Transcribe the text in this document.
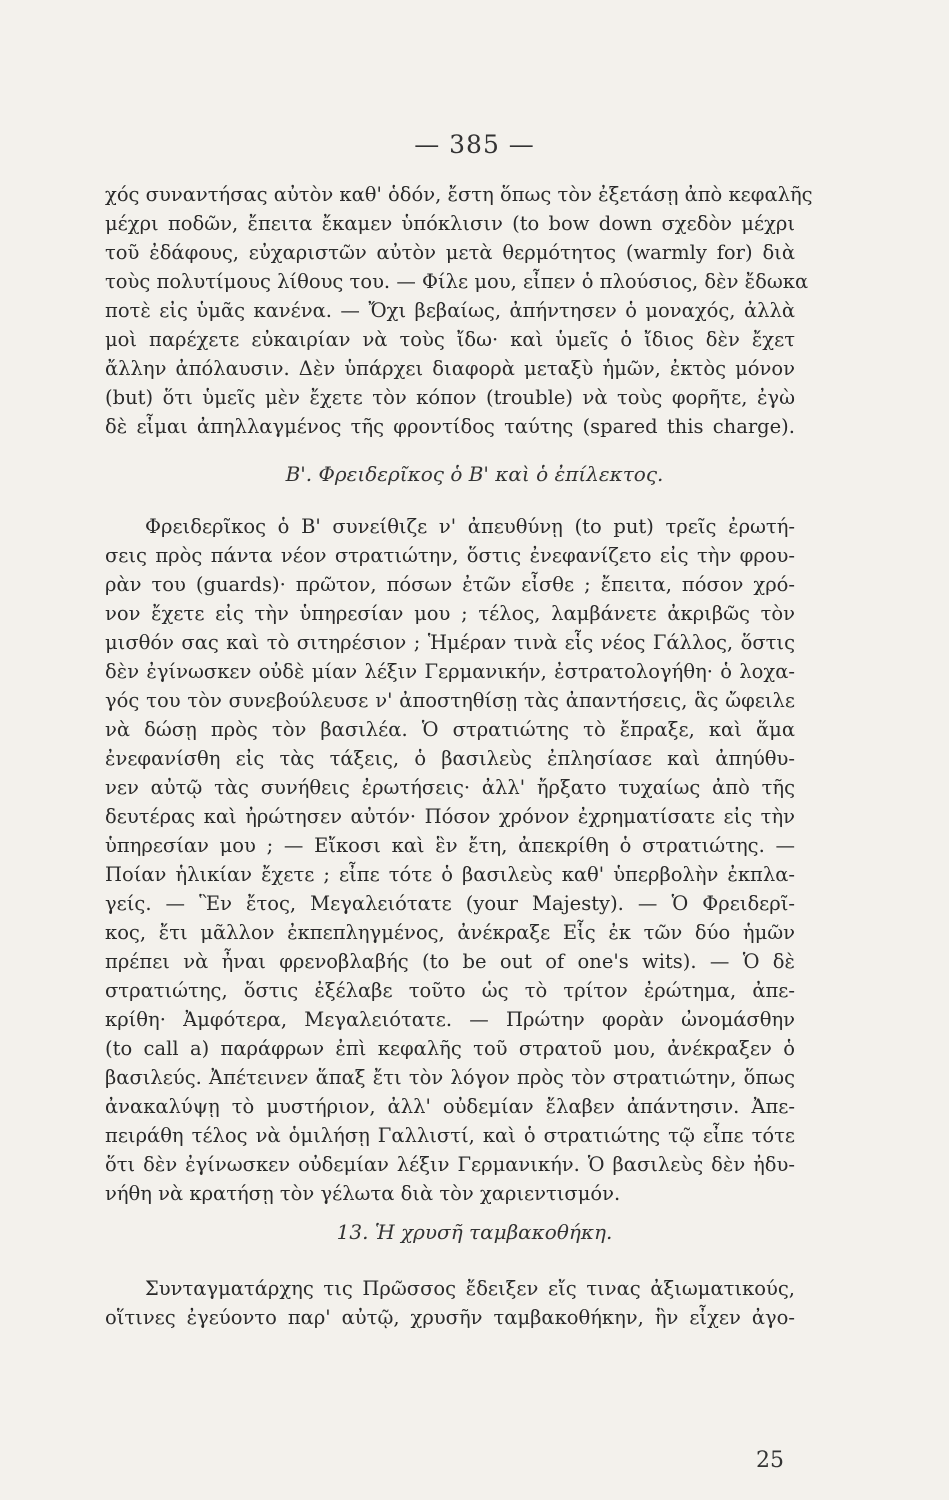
— 385 —
χός συναντήσας αὐτὸν καθ' ὁδόν, ἔστη ὅπως τὸν ἐξετάσῃ ἀπὸ κεφαλῆς
μέχρι ποδῶν, ἔπειτα ἔκαμεν ὑπόκλισιν (to bow down σχεδὸν μέχρι
τοῦ ἐδάφους, εὐχαριστῶν αὐτὸν μετὰ θερμότητος (warmly for) διὰ
τοὺς πολυτίμους λίθους του. — Φίλε μου, εἶπεν ὁ πλούσιος, δὲν ἔδωκα
ποτὲ εἰς ὑμᾶς κανένα. — Ὄχι βεβαίως, ἀπήντησεν ὁ μοναχός, ἀλλὰ
μοὶ παρέχετε εὐκαιρίαν νὰ τοὺς ἴδω· καὶ ὑμεῖς ὁ ἴδιος δὲν ἔχετ
ἄλλην ἀπόλαυσιν. Δὲν ὑπάρχει διαφορὰ μεταξὺ ἡμῶν, ἐκτὸς μόνον
(but) ὅτι ὑμεῖς μὲν ἔχετε τὸν κόπον (trouble) νὰ τοὺς φορῆτε, ἐγὼ
δὲ εἶμαι ἀπηλλαγμένος τῆς φροντίδος ταύτης (spared this charge).
Β'. Φρειδερῖκος ὁ Β' καὶ ὁ ἐπίλεκτος.
Φρειδερῖκος ὁ Β' συνείθιζε ν' ἀπευθύνῃ (to put) τρεῖς ἐρωτή-
σεις πρὸς πάντα νέον στρατιώτην, ὅστις ἐνεφανίζετο εἰς τὴν φρου-
ρὰν του (guards)· πρῶτον, πόσων ἐτῶν εἶσθε ; ἔπειτα, πόσον χρό-
νον ἔχετε εἰς τὴν ὑπηρεσίαν μου ; τέλος, λαμβάνετε ἀκριβῶς τὸν
μισθόν σας καὶ τὸ σιτηρέσιον ; Ἡμέραν τινὰ εἷς νέος Γάλλος, ὅστις
δὲν ἐγίνωσκεν οὐδὲ μίαν λέξιν Γερμανικήν, ἐστρατολογήθη· ὁ λοχα-
γός του τὸν συνεβούλευσε ν' ἀποστηθίσῃ τὰς ἀπαντήσεις, ἃς ὤφειλε
νὰ δώσῃ πρὸς τὸν βασιλέα. Ὁ στρατιώτης τὸ ἔπραξε, καὶ ἅμα
ἐνεφανίσθη εἰς τὰς τάξεις, ὁ βασιλεὺς ἐπλησίασε καὶ ἀπηύθυ-
νεν αὐτῷ τὰς συνήθεις ἐρωτήσεις· ἀλλ' ἤρξατο τυχαίως ἀπὸ τῆς
δευτέρας καὶ ἠρώτησεν αὐτόν· Πόσον χρόνον ἐχρηματίσατε εἰς τὴν
ὑπηρεσίαν μου ; — Εἴκοσι καὶ ἓν ἔτη, ἀπεκρίθη ὁ στρατιώτης. —
Ποίαν ἡλικίαν ἔχετε ; εἶπε τότε ὁ βασιλεὺς καθ' ὑπερβολὴν ἐκπλα-
γείς. — Ἓν ἔτος, Μεγαλειότατε (your Majesty). — Ὁ Φρειδερῖ-
κος, ἔτι μᾶλλον ἐκπεπληγμένος, ἀνέκραξε Εἷς ἐκ τῶν δύο ἡμῶν
πρέπει νὰ ἦναι φρενοβλαβής (to be out of one's wits). — Ὁ δὲ
στρατιώτης, ὅστις ἐξέλαβε τοῦτο ὡς τὸ τρίτον ἐρώτημα, ἀπε-
κρίθη· Ἀμφότερα, Μεγαλειότατε. — Πρώτην φορὰν ὠνομάσθην
(to call a) παράφρων ἐπὶ κεφαλῆς τοῦ στρατοῦ μου, ἀνέκραξεν ὁ
βασιλεύς. Ἀπέτεινεν ἅπαξ ἔτι τὸν λόγον πρὸς τὸν στρατιώτην, ὅπως
ἀνακαλύψῃ τὸ μυστήριον, ἀλλ' οὐδεμίαν ἔλαβεν ἀπάντησιν. Ἀπε-
πειράθη τέλος νὰ ὁμιλήσῃ Γαλλιστί, καὶ ὁ στρατιώτης τῷ εἶπε τότε
ὅτι δὲν ἐγίνωσκεν οὐδεμίαν λέξιν Γερμανικήν. Ὁ βασιλεὺς δὲν ἠδυ-
νήθη νὰ κρατήσῃ τὸν γέλωτα διὰ τὸν χαριεντισμόν.
13. Ἡ χρυσῆ ταμβακοθήκη.
Συνταγματάρχης τις Πρῶσσος ἔδειξεν εἴς τινας ἀξιωματικούς,
οἵτινες ἐγεύοντο παρ' αὐτῷ, χρυσῆν ταμβακοθήκην, ἣν εἶχεν ἀγο-
25
